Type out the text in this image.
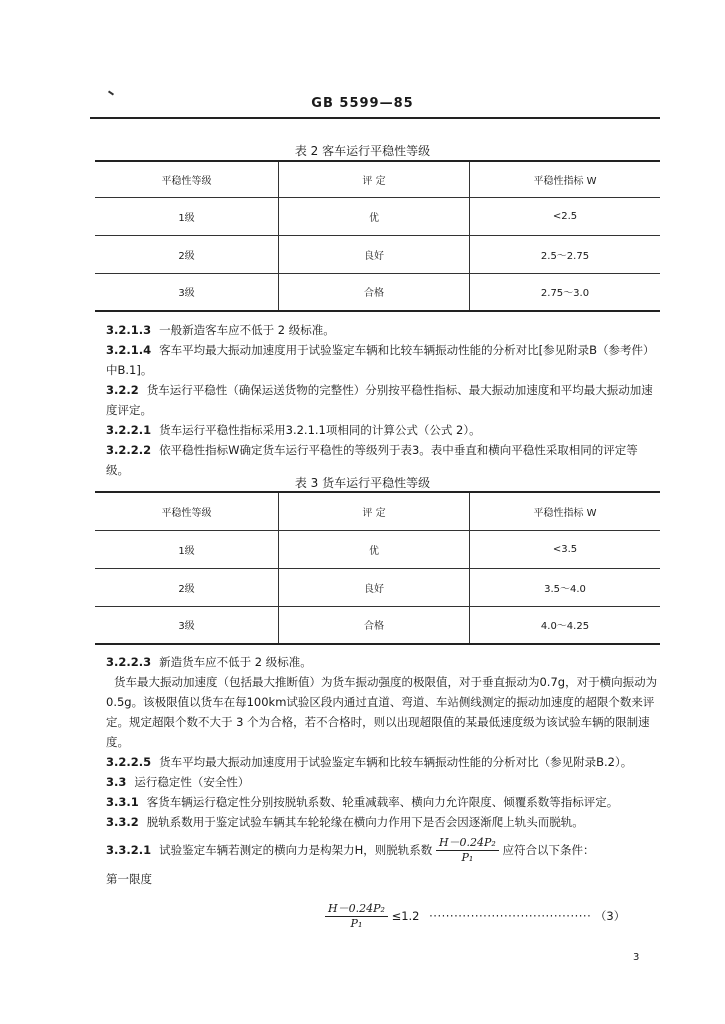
GB 5599—85
表 2 客车运行平稳性等级
平稳性等级	评 定	平稳性指标 W
1级	优	<2.5
2级	良好	2.5～2.75
3级	合格	2.75～3.0
3.2.1.3 一般新造客车应不低于 2 级标准。
3.2.1.4 客车平均最大振动加速度用于试验鉴定车辆和比较车辆振动性能的分析对比[参见附录B（参考件）中B.1]。
3.2.2 货车运行平稳性（确保运送货物的完整性）分别按平稳性指标、最大振动加速度和平均最大振动加速度评定。
3.2.2.1 货车运行平稳性指标采用3.2.1.1项相同的计算公式（公式 2）。
3.2.2.2 依平稳性指标W确定货车运行平稳性的等级列于表3。表中垂直和横向平稳性采取相同的评定等级。
表 3 货车运行平稳性等级
平稳性等级	评 定	平稳性指标 W
1级	优	<3.5
2级	良好	3.5～4.0
3级	合格	4.0～4.25
3.2.2.3 新造货车应不低于 2 级标准。
货车最大振动加速度（包括最大推断值）为货车振动强度的极限值，对于垂直振动为0.7g，对于横向振动为0.5g。该极限值以货车在每100km试验区段内通过直道、弯道、车站侧线测定的振动加速度的超限个数来评定。规定超限个数不大于 3 个为合格，若不合格时，则以出现超限值的某最低速度级为该试验车辆的限制速度。
3.2.2.5 货车平均最大振动加速度用于试验鉴定车辆和比较车辆振动性能的分析对比（参见附录B.2）。
3.3 运行稳定性（安全性）
3.3.1 客货车辆运行稳定性分别按脱轨系数、轮重减载率、横向力允许限度、倾覆系数等指标评定。
3.3.2 脱轨系数用于鉴定试验车辆其车轮轮缘在横向力作用下是否会因逐渐爬上轨头而脱轨。
3.3.2.1 试验鉴定车辆若测定的横向力是构架力H，则脱轨系数 $\frac{\text{H－0.24P₂}}{\text{P₁}}$ 应符合以下条件：
第一限度
$\frac{\text{H－0.24P₂}}{\text{P₁}} \le 1.2$ ······································· （3）
3
